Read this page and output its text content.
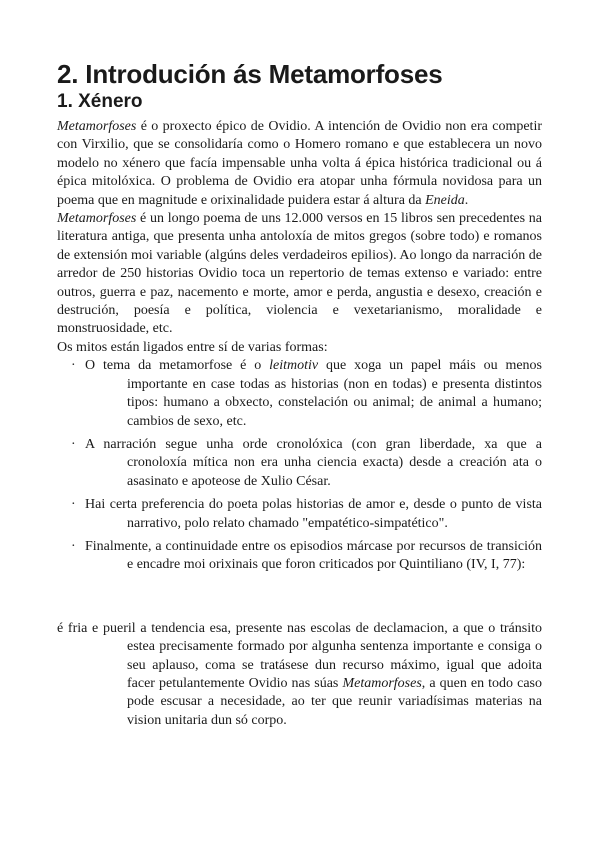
2. Introdución ás Metamorfoses
1. Xénero

Metamorfoses é o proxecto épico de Ovidio. A intención de Ovidio non era competir con Virxilio, que se consolidaría como o Homero romano e que establecera un novo modelo no xénero que facía impensable unha volta á épica histórica tradicional ou á épica mitolóxica. O problema de Ovidio era atopar unha fórmula novidosa para un poema que en magnitude e orixinalidade puidera estar á altura da Eneida.

Metamorfoses é un longo poema de uns 12.000 versos en 15 libros sen precedentes na literatura antiga, que presenta unha antoloxía de mitos gregos (sobre todo) e romanos de extensión moi variable (algúns deles verdadeiros epilios). Ao longo da narración de arredor de 250 historias Ovidio toca un repertorio de temas extenso e variado: entre outros, guerra e paz, nacemento e morte, amor e perda, angustia e desexo, creación e destrución, poesía e política, violencia e vexetarianismo, moralidade e monstruosidade, etc.

Os mitos están ligados entre sí de varias formas:

· O tema da metamorfose é o leitmotiv que xoga un papel máis ou menos importante en case todas as historias (non en todas) e presenta distintos tipos: humano a obxecto, constelación ou animal; de animal a humano; cambios de sexo, etc.
· A narración segue unha orde cronolóxica (con gran liberdade, xa que a cronoloxía mítica non era unha ciencia exacta) desde a creación ata o asasinato e apoteose de Xulio César.
· Hai certa preferencia do poeta polas historias de amor e, desde o punto de vista narrativo, polo relato chamado "empatético-simpatético".
· Finalmente, a continuidade entre os episodios márcase por recursos de transición e encadre moi orixinais que foron criticados por Quintiliano (IV, I, 77):

é fria e pueril a tendencia esa, presente nas escolas de declamacion, a que o tránsito estea precisamente formado por algunha sentenza importante e consiga o seu aplauso, coma se tratásese dun recurso máximo, igual que adoita facer petulantemente Ovidio nas súas Metamorfoses, a quen en todo caso pode escusar a necesidade, ao ter que reunir variadísimas materias na vision unitaria dun só corpo.
